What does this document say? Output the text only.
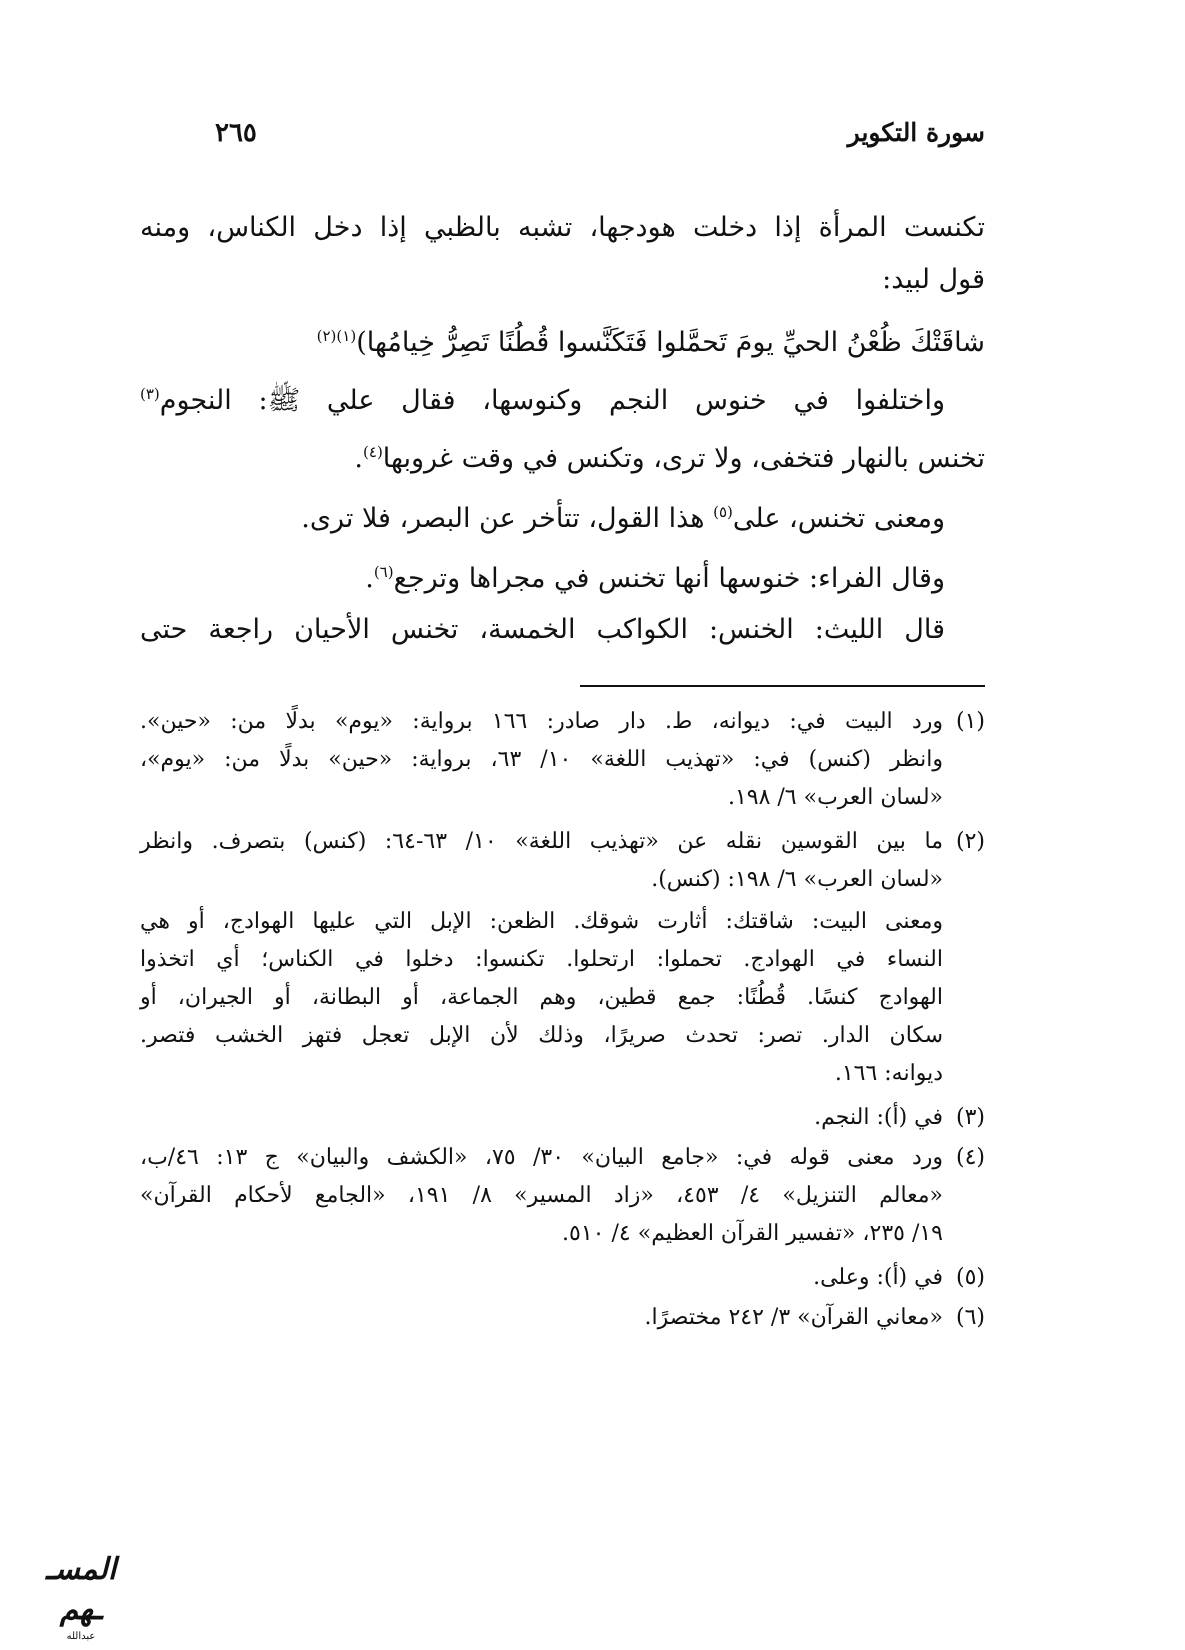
سورة التكوير
٢٦٥
تكنست المرأة إذا دخلت هودجها، تشبه بالظبي إذا دخل الكناس، ومنه
قول لبيد:
شاقَتْكَ ظُعْنُ الحيِّ يومَ تَحمَّلوا فَتَكَنَّسوا قُطُنًا تَصِرُّ خِيامُها)$^{(١)(٢)}$
واختلفوا في خنوس النجم وكنوسها، فقال علي ﷺ: النجوم$^{(٣)}$
تخنس بالنهار فتخفى، ولا ترى، وتكنس في وقت غروبها$^{(٤)}$.
ومعنى تخنس، على$^{(٥)}$ هذا القول، تتأخر عن البصر، فلا ترى.
وقال الفراء: خنوسها أنها تخنس في مجراها وترجع$^{(٦)}$.
قال الليث: الخنس: الكواكب الخمسة، تخنس الأحيان راجعة حتى
(١)ورد البيت في: ديوانه، ط. دار صادر: ١٦٦ برواية: «يوم» بدلًا من: «حين».
وانظر (كنس) في: «تهذيب اللغة» ١٠/ ٦٣، برواية: «حين» بدلًا من: «يوم»،
«لسان العرب» ٦/ ١٩٨.
(٢)ما بين القوسين نقله عن «تهذيب اللغة» ١٠/ ٦٣-٦٤: (كنس) بتصرف. وانظر
«لسان العرب» ٦/ ١٩٨: (كنس).
ومعنى البيت: شاقتك: أثارت شوقك. الظعن: الإبل التي عليها الهوادج، أو هي
النساء في الهوادج. تحملوا: ارتحلوا. تكنسوا: دخلوا في الكناس؛ أي اتخذوا
الهوادج كنسًا. قُطُنًا: جمع قطين، وهم الجماعة، أو البطانة، أو الجيران، أو
سكان الدار. تصر: تحدث صريرًا، وذلك لأن الإبل تعجل فتهز الخشب فتصر.
ديوانه: ١٦٦.
(٣)في (أ): النجم.
(٤)ورد معنى قوله في: «جامع البيان» ٣٠/ ٧٥، «الكشف والبيان» ج ١٣: ٤٦/ب،
«معالم التنزيل» ٤/ ٤٥٣، «زاد المسير» ٨/ ١٩١، «الجامع لأحكام القرآن»
١٩/ ٢٣٥، «تفسير القرآن العظيم» ٤/ ٥١٠.
(٥)في (أ): وعلى.
(٦)«معاني القرآن» ٣/ ٢٤٢ مختصرًا.
المسـ ـهم
عبدالله
